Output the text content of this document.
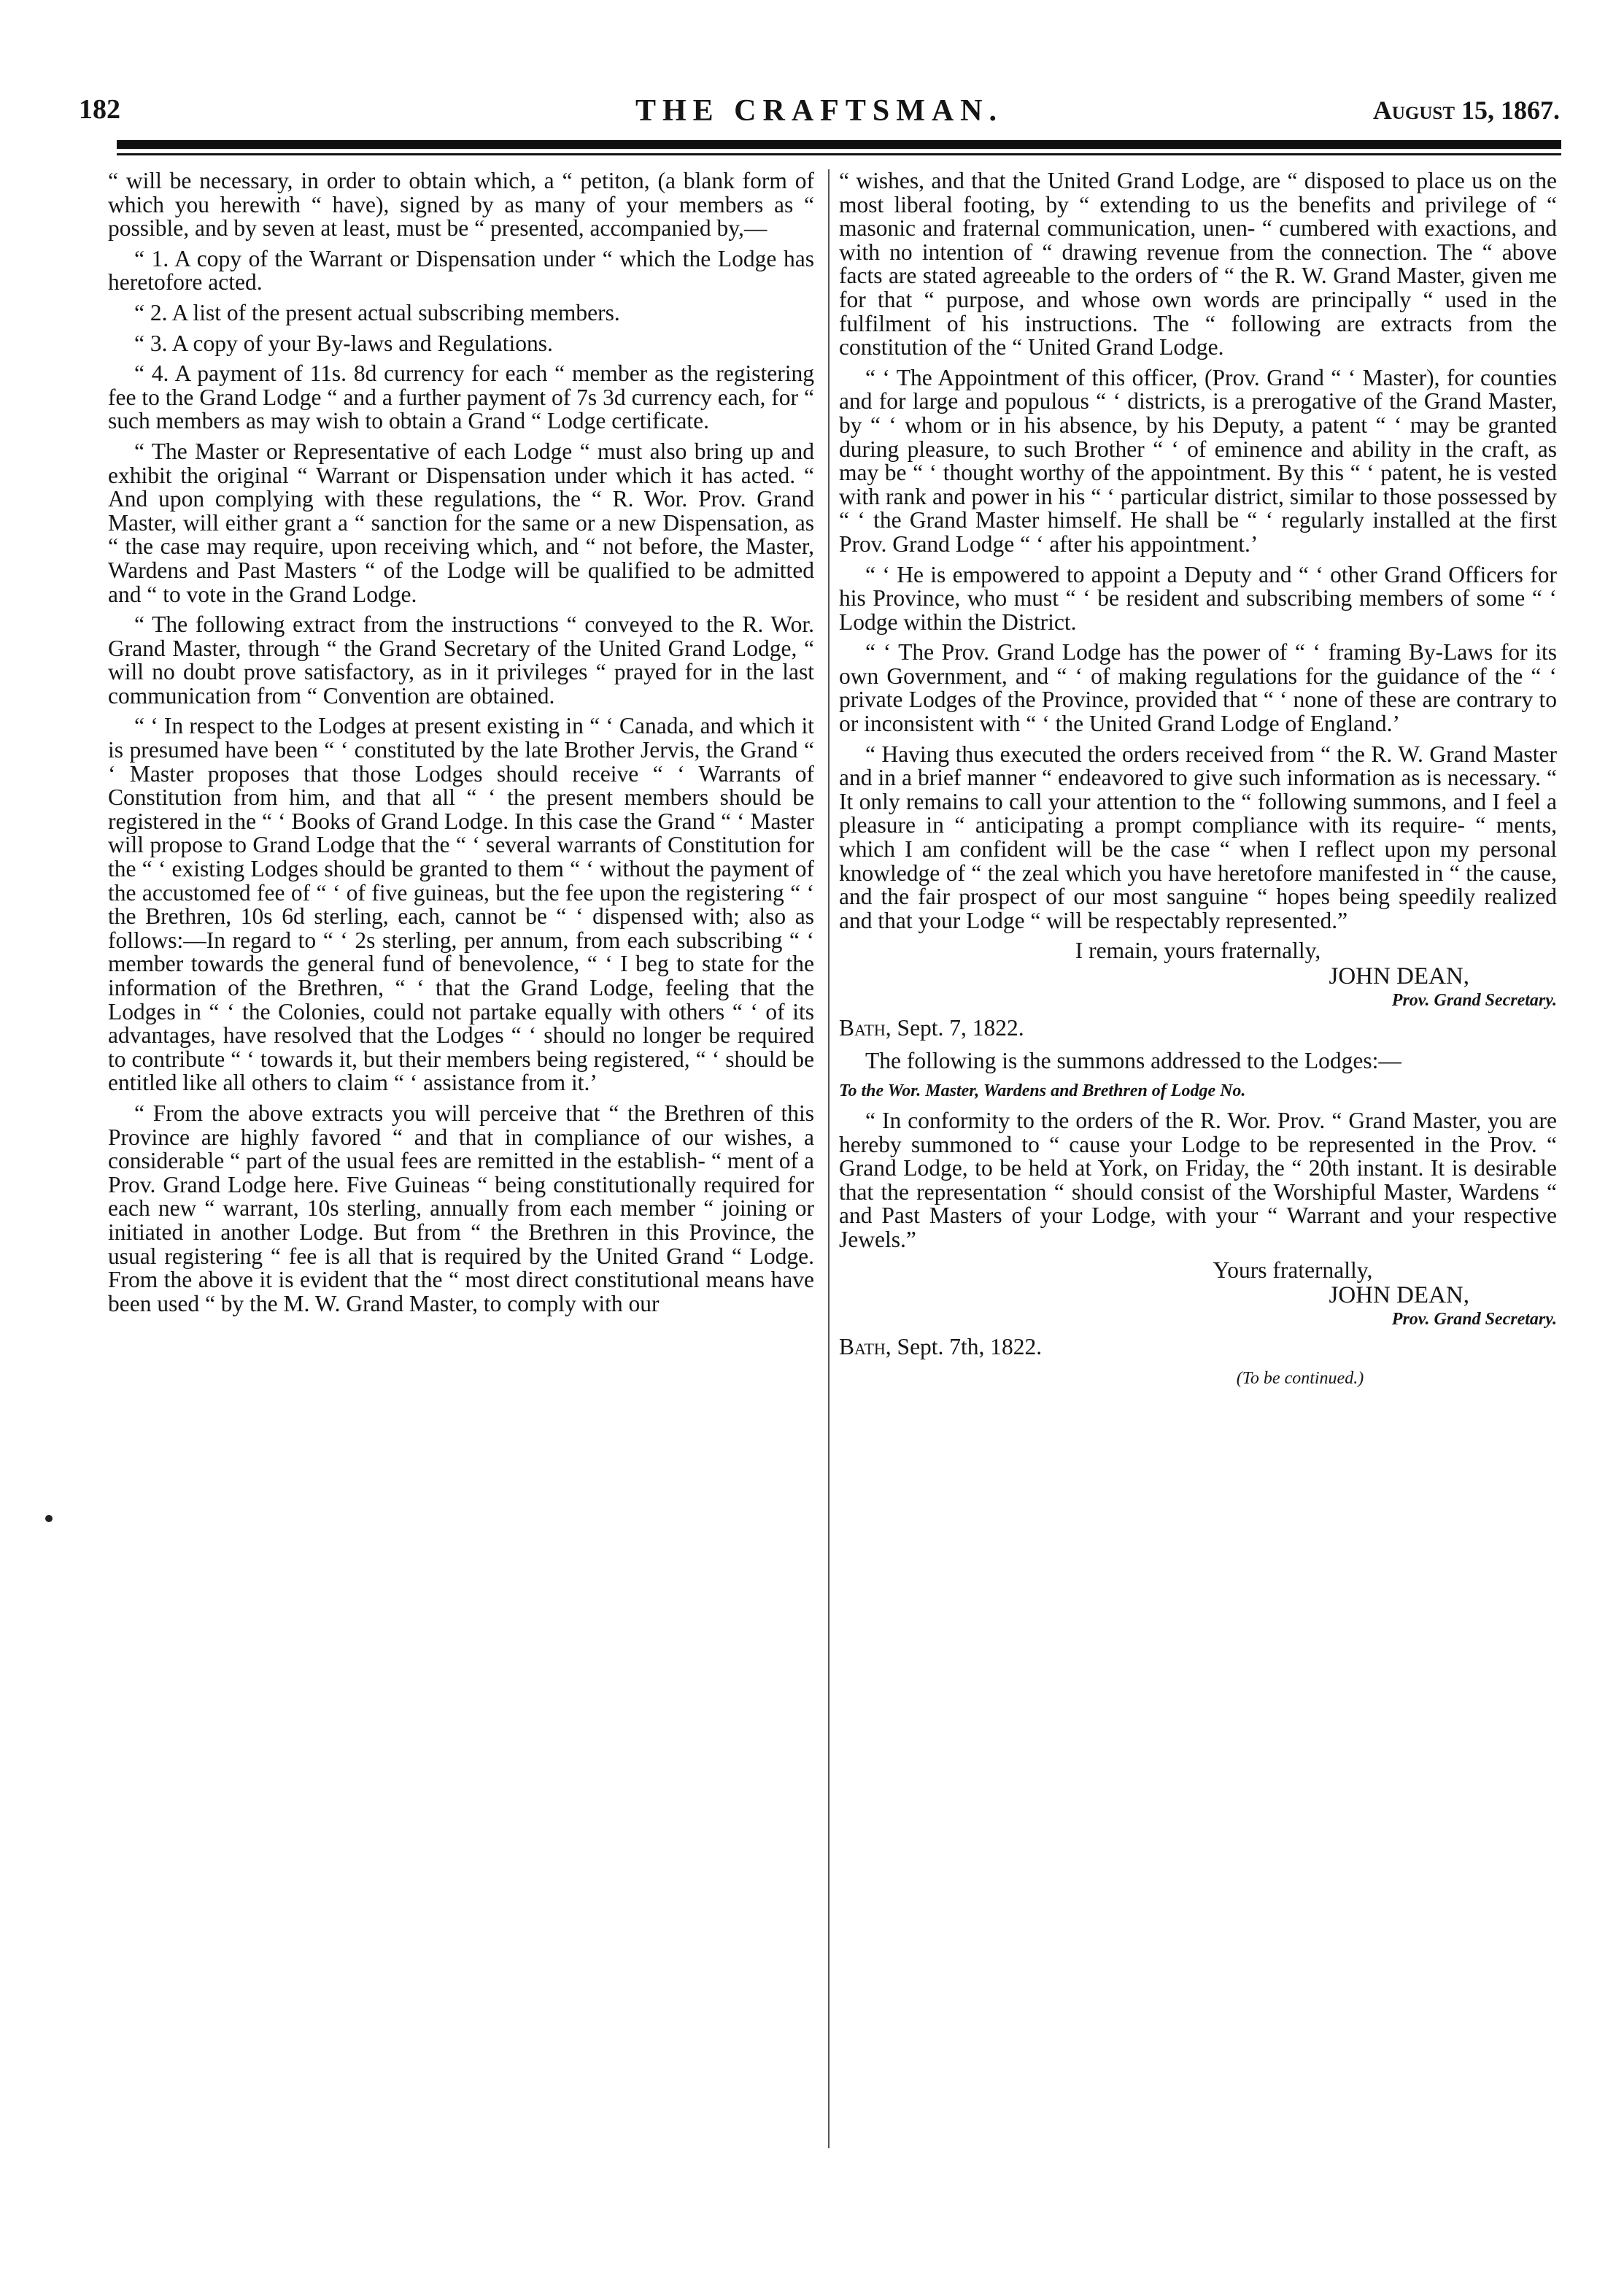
182	THE CRAFTSMAN.	August 15, 1867.

“ will be necessary, in order to obtain which, a “ petiton, (a blank form of which you herewith “ have), signed by as many of your members as “ possible, and by seven at least, must be “ presented, accompanied by,—

“ 1. A copy of the Warrant or Dispensation under “ which the Lodge has heretofore acted.

“ 2. A list of the present actual subscribing members.

“ 3. A copy of your By-laws and Regulations.

“ 4. A payment of 11s. 8d currency for each “ member as the registering fee to the Grand Lodge “ and a further payment of 7s 3d currency each, for “ such members as may wish to obtain a Grand “ Lodge certificate.

“ The Master or Representative of each Lodge “ must also bring up and exhibit the original “ Warrant or Dispensation under which it has acted. “ And upon complying with these regulations, the “ R. Wor. Prov. Grand Master, will either grant a “ sanction for the same or a new Dispensation, as “ the case may require, upon receiving which, and “ not before, the Master, Wardens and Past Masters “ of the Lodge will be qualified to be admitted and “ to vote in the Grand Lodge.

“ The following extract from the instructions “ conveyed to the R. Wor. Grand Master, through “ the Grand Secretary of the United Grand Lodge, “ will no doubt prove satisfactory, as in it privileges “ prayed for in the last communication from “ Convention are obtained.

“ ‘ In respect to the Lodges at present existing in “ ‘ Canada, and which it is presumed have been “ ‘ constituted by the late Brother Jervis, the Grand “ ‘ Master proposes that those Lodges should receive “ ‘ Warrants of Constitution from him, and that all “ ‘ the present members should be registered in the “ ‘ Books of Grand Lodge. In this case the Grand “ ‘ Master will propose to Grand Lodge that the “ ‘ several warrants of Constitution for the “ ‘ existing Lodges should be granted to them “ ‘ without the payment of the accustomed fee of “ ‘ of five guineas, but the fee upon the registering “ ‘ the Brethren, 10s 6d sterling, each, cannot be “ ‘ dispensed with; also as follows:—In regard to “ ‘ 2s sterling, per annum, from each subscribing “ ‘ member towards the general fund of benevolence, “ ‘ I beg to state for the information of the Brethren, “ ‘ that the Grand Lodge, feeling that the Lodges in “ ‘ the Colonies, could not partake equally with others “ ‘ of its advantages, have resolved that the Lodges “ ‘ should no longer be required to contribute “ ‘ towards it, but their members being registered, “ ‘ should be entitled like all others to claim “ ‘ assistance from it.’

“ From the above extracts you will perceive that “ the Brethren of this Province are highly favored “ and that in compliance of our wishes, a considerable “ part of the usual fees are remitted in the establish- “ ment of a Prov. Grand Lodge here. Five Guineas “ being constitutionally required for each new “ warrant, 10s sterling, annually from each member “ joining or initiated in another Lodge. But from “ the Brethren in this Province, the usual registering “ fee is all that is required by the United Grand “ Lodge. From the above it is evident that the “ most direct constitutional means have been used “ by the M. W. Grand Master, to comply with our

“ wishes, and that the United Grand Lodge, are “ disposed to place us on the most liberal footing, by “ extending to us the benefits and privilege of “ masonic and fraternal communication, unen- “ cumbered with exactions, and with no intention of “ drawing revenue from the connection. The “ above facts are stated agreeable to the orders of “ the R. W. Grand Master, given me for that “ purpose, and whose own words are principally “ used in the fulfilment of his instructions. The “ following are extracts from the constitution of the “ United Grand Lodge.

“ ‘ The Appointment of this officer, (Prov. Grand “ ‘ Master), for counties and for large and populous “ ‘ districts, is a prerogative of the Grand Master, by “ ‘ whom or in his absence, by his Deputy, a patent “ ‘ may be granted during pleasure, to such Brother “ ‘ of eminence and ability in the craft, as may be “ ‘ thought worthy of the appointment. By this “ ‘ patent, he is vested with rank and power in his “ ‘ particular district, similar to those possessed by “ ‘ the Grand Master himself. He shall be “ ‘ regularly installed at the first Prov. Grand Lodge “ ‘ after his appointment.’

“ ‘ He is empowered to appoint a Deputy and “ ‘ other Grand Officers for his Province, who must “ ‘ be resident and subscribing members of some “ ‘ Lodge within the District.

“ ‘ The Prov. Grand Lodge has the power of “ ‘ framing By-Laws for its own Government, and “ ‘ of making regulations for the guidance of the “ ‘ private Lodges of the Province, provided that “ ‘ none of these are contrary to or inconsistent with “ ‘ the United Grand Lodge of England.’

“ Having thus executed the orders received from “ the R. W. Grand Master and in a brief manner “ endeavored to give such information as is necessary. “ It only remains to call your attention to the “ following summons, and I feel a pleasure in “ anticipating a prompt compliance with its require- “ ments, which I am confident will be the case “ when I reflect upon my personal knowledge of “ the zeal which you have heretofore manifested in “ the cause, and the fair prospect of our most sanguine “ hopes being speedily realized and that your Lodge “ will be respectably represented.”

I remain, yours fraternally,

JOHN DEAN,

Prov. Grand Secretary.

Bath, Sept. 7, 1822.

The following is the summons addressed to the Lodges:—

To the Wor. Master, Wardens and Brethren of Lodge No.

“ In conformity to the orders of the R. Wor. Prov. “ Grand Master, you are hereby summoned to “ cause your Lodge to be represented in the Prov. “ Grand Lodge, to be held at York, on Friday, the “ 20th instant. It is desirable that the representation “ should consist of the Worshipful Master, Wardens “ and Past Masters of your Lodge, with your “ Warrant and your respective Jewels.”

Yours fraternally,

JOHN DEAN,

Prov. Grand Secretary.

Bath, Sept. 7th, 1822.

(To be continued.)
